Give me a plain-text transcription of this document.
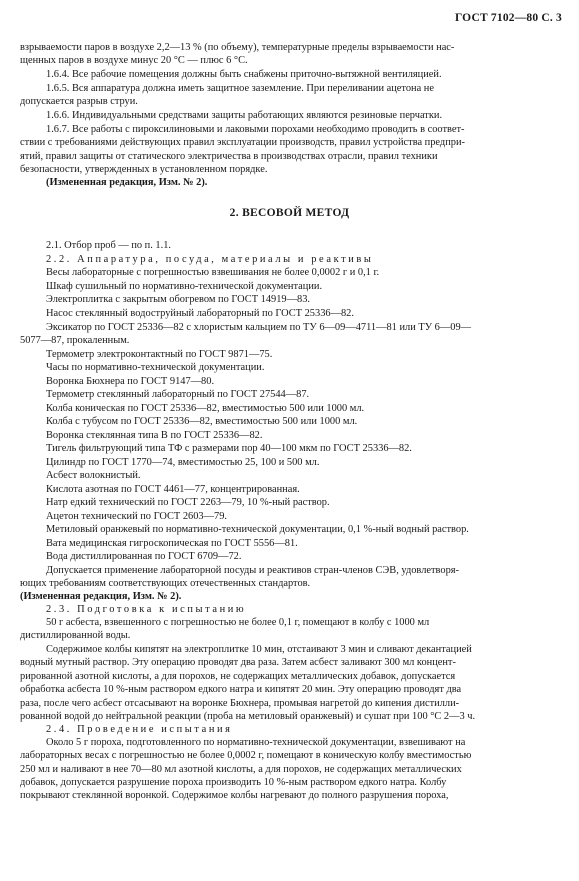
ГОСТ 7102—80 С. 3
2. ВЕСОВОЙ МЕТОД
взрываемости паров в воздухе 2,2—13 % (по объему), температурные пределы взрываемости нас-
щенных паров в воздухе минус 20 °С — плюс 6 °С.
1.6.4. Все рабочие помещения должны быть снабжены приточно-вытяжной вентиляцией.
1.6.5. Вся аппаратура должна иметь защитное заземление. При переливании ацетона не
допускается разрыв струи.
1.6.6. Индивидуальными средствами защиты работающих являются резиновые перчатки.
1.6.7. Все работы с пироксилиновыми и лаковыми порохами необходимо проводить в соответ-
ствии с требованиями действующих правил эксплуатации производств, правил устройства предпри-
ятий, правил защиты от статического электричества в производствах отрасли, правил техники
безопасности, утвержденных в установленном порядке.
(Измененная редакция, Изм. № 2).
2.1. Отбор проб — по п. 1.1.
2.2. Аппаратура, посуда, материалы и реактивы
Весы лабораторные с погрешностью взвешивания не более 0,0002 г и 0,1 г.
Шкаф сушильный по нормативно-технической документации.
Электроплитка с закрытым обогревом по ГОСТ 14919—83.
Насос стеклянный водоструйный лабораторный по ГОСТ 25336—82.
Эксикатор по ГОСТ 25336—82 с хлористым кальцием по ТУ 6—09—4711—81 или ТУ 6—09—
5077—87, прокаленным.
Термометр электроконтактный по ГОСТ 9871—75.
Часы по нормативно-технической документации.
Воронка Бюхнера по ГОСТ 9147—80.
Термометр стеклянный лабораторный по ГОСТ 27544—87.
Колба коническая по ГОСТ 25336—82, вместимостью 500 или 1000 мл.
Колба с тубусом по ГОСТ 25336—82, вместимостью 500 или 1000 мл.
Воронка стеклянная типа В по ГОСТ 25336—82.
Тигель фильтрующий типа ТФ с размерами пор 40—100 мкм по ГОСТ 25336—82.
Цилиндр по ГОСТ 1770—74, вместимостью 25, 100 и 500 мл.
Асбест волокнистый.
Кислота азотная по ГОСТ 4461—77, концентрированная.
Натр едкий технический по ГОСТ 2263—79, 10 %-ный раствор.
Ацетон технический по ГОСТ 2603—79.
Метиловый оранжевый по нормативно-технической документации, 0,1 %-ный водный раствор.
Вата медицинская гигроскопическая по ГОСТ 5556—81.
Вода дистиллированная по ГОСТ 6709—72.
Допускается применение лабораторной посуды и реактивов стран-членов СЭВ, удовлетворя-
ющих требованиям соответствующих отечественных стандартов.
(Измененная редакция, Изм. № 2).
2.3. Подготовка к испытанию
50 г асбеста, взвешенного с погрешностью не более 0,1 г, помещают в колбу с 1000 мл
дистиллированной воды.
Содержимое колбы кипятят на электроплитке 10 мин, отстаивают 3 мин и сливают декантацией
водный мутный раствор. Эту операцию проводят два раза. Затем асбест заливают 300 мл концент-
рированной азотной кислоты, а для порохов, не содержащих металлических добавок, допускается
обработка асбеста 10 %-ным раствором едкого натра и кипятят 20 мин. Эту операцию проводят два
раза, после чего асбест отсасывают на воронке Бюхнера, промывая нагретой до кипения дистилли-
рованной водой до нейтральной реакции (проба на метиловый оранжевый) и сушат при 100 °С 2—3 ч.
2.4. Проведение испытания
Около 5 г пороха, подготовленного по нормативно-технической документации, взвешивают на
лабораторных весах с погрешностью не более 0,0002 г, помещают в коническую колбу вместимостью
250 мл и наливают в нее 70—80 мл азотной кислоты, а для порохов, не содержащих металлических
добавок, допускается разрушение пороха производить 10 %-ным раствором едкого натра. Колбу
покрывают стеклянной воронкой. Содержимое колбы нагревают до полного разрушения пороха,
